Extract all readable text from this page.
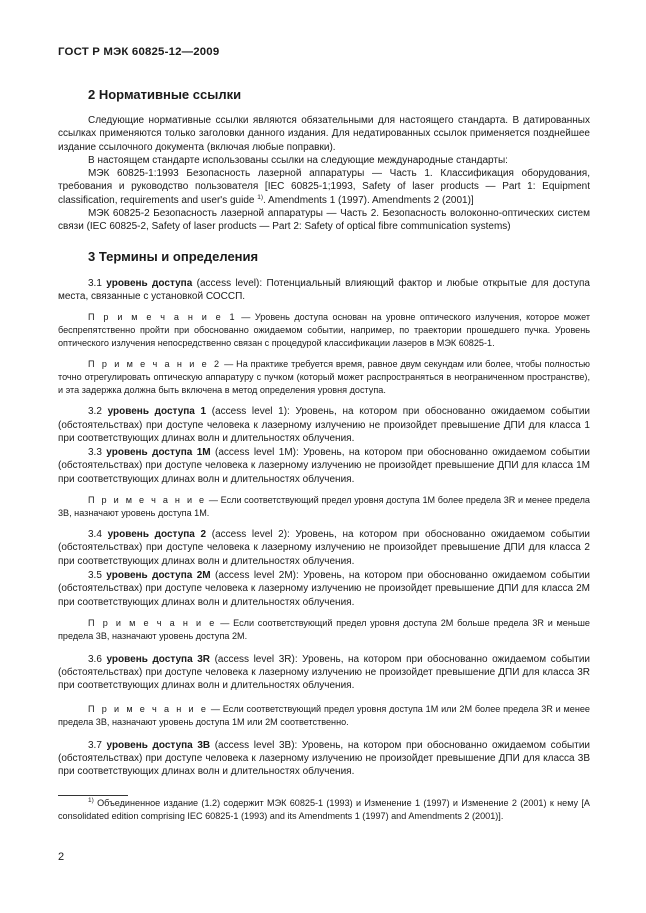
ГОСТ Р МЭК 60825-12—2009
2 Нормативные ссылки

Следующие нормативные ссылки являются обязательными для настоящего стандарта. В датированных ссылках применяются только заголовки данного издания. Для недатированных ссылок применяется позднейшее издание ссылочного документа (включая любые поправки).

В настоящем стандарте использованы ссылки на следующие международные стандарты:

МЭК 60825-1:1993 Безопасность лазерной аппаратуры — Часть 1. Классификация оборудования, требования и руководство пользователя [IEC 60825-1;1993, Safety of laser products — Part 1: Equipment classification, requirements and user's guide $^{1)}$. Amendments 1 (1997). Amendments 2 (2001)]

МЭК 60825-2 Безопасность лазерной аппаратуры — Часть 2. Безопасность волоконно-оптических систем связи (IEC 60825-2, Safety of laser products — Part 2: Safety of optical fibre communication systems)

3 Термины и определения

3.1 уровень доступа (access level): Потенциальный влияющий фактор и любые открытые для доступа места, связанные с установкой СОССП.

П р и м е ч а н и е 1 — Уровень доступа основан на уровне оптического излучения, которое может беспрепятственно пройти при обоснованно ожидаемом событии, например, по траектории прошедшего пучка. Уровень оптического излучения непосредственно связан с процедурой классификации лазеров в МЭК 60825-1.

П р и м е ч а н и е 2 — На практике требуется время, равное двум секундам или более, чтобы полностью точно отрегулировать оптическую аппаратуру с пучком (который может распространяться в неограниченном пространстве), и эта задержка должна быть включена в метод определения уровня доступа.

3.2 уровень доступа 1 (access level 1): Уровень, на котором при обоснованно ожидаемом событии (обстоятельствах) при доступе человека к лазерному излучению не произойдет превышение ДПИ для класса 1 при соответствующих длинах волн и длительностях облучения.

3.3 уровень доступа 1М (access level 1М): Уровень, на котором при обоснованно ожидаемом событии (обстоятельствах) при доступе человека к лазерному излучению не произойдет превышение ДПИ для класса 1М при соответствующих длинах волн и длительностях облучения.

П р и м е ч а н и е — Если соответствующий предел уровня доступа 1М более предела 3R и менее предела 3В, назначают уровень доступа 1М.

3.4 уровень доступа 2 (access level 2): Уровень, на котором при обоснованно ожидаемом событии (обстоятельствах) при доступе человека к лазерному излучению не произойдет превышение ДПИ для класса 2 при соответствующих длинах волн и длительностях облучения.

3.5 уровень доступа 2М (access level 2М): Уровень, на котором при обоснованно ожидаемом событии (обстоятельствах) при доступе человека к лазерному излучению не произойдет превышение ДПИ для класса 2М при соответствующих длинах волн и длительностях облучения.

П р и м е ч а н и е — Если соответствующий предел уровня доступа 2М больше предела 3R и меньше предела 3В, назначают уровень доступа 2М.

3.6 уровень доступа 3R (access level 3R): Уровень, на котором при обоснованно ожидаемом событии (обстоятельствах) при доступе человека к лазерному излучению не произойдет превышение ДПИ для класса 3R при соответствующих длинах волн и длительностях облучения.

П р и м е ч а н и е — Если соответствующий предел уровня доступа 1М или 2М более предела 3R и менее предела 3В, назначают уровень доступа 1М или 2М соответственно.

3.7 уровень доступа 3В (access level 3В): Уровень, на котором при обоснованно ожидаемом событии (обстоятельствах) при доступе человека к лазерному излучению не произойдет превышение ДПИ для класса 3В при соответствующих длинах волн и длительностях облучения.

$^{1)}$ Объединенное издание (1.2) содержит МЭК 60825-1 (1993) и Изменение 1 (1997) и Изменение 2 (2001) к нему [A consolidated edition comprising IEC 60825-1 (1993) and its Amendments 1 (1997) and Amendments 2 (2001)].

2
